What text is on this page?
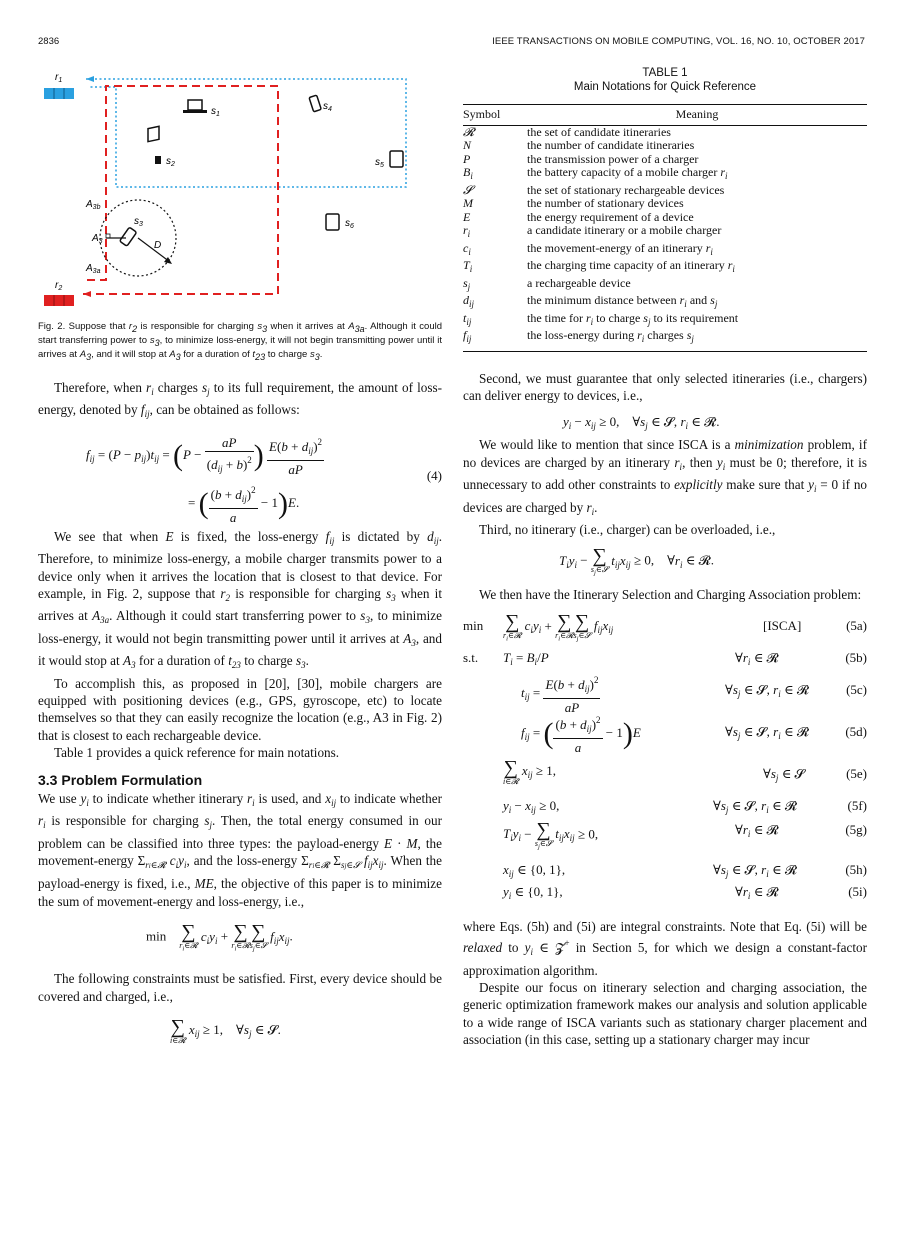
2836	IEEE TRANSACTIONS ON MOBILE COMPUTING, VOL. 16, NO. 10, OCTOBER 2017
$r_1$
$r_2$
$s_1$
$s_4$
$s_2$	$s_5$
$s_6$
$s_3$
D
$A_{3b}$
$A_3$
$A_{3a}$

Fig. 2. Suppose that r2 is responsible for charging s3 when it arrives at A3a. Although it could start transferring power to s3, to minimize loss-energy, it will not begin transmitting power until it arrives at A3, and it will stop at A3 for a duration of t23 to charge s3.

Therefore, when $r_i$ charges $s_j$ to its full requirement, the amount of loss-energy, denoted by $f_{ij}$, can be obtained as follows:

$f_{ij} = (P - p_{ij})t_{ij} = (P - \frac{aP}{(d_{ij} + b)^2}$ ) $\frac{E(b + d_{ij})^2}{aP}$
= ( $\frac{(b + d_{ij})^2}{a} - 1)E$.
(4)

We see that when E is fixed, the loss-energy $f_{ij}$ is dictated by $d_{ij}$. Therefore, to minimize loss-energy, a mobile charger transmits power to a device only when it arrives the location that is closest to that device. For example, in Fig. 2, suppose that $r_2$ is responsible for charging $s_3$ when it arrives at $A_{3a}$. Although it could start transferring power to $s_3$, to minimize loss-energy, it would not begin transmitting power until it arrives at $A_3$, and it would stop at $A_3$ for a duration of $t_{23}$ to charge $s_3$.

To accomplish this, as proposed in [20], [30], mobile chargers are equipped with positioning devices (e.g., GPS, gyroscope, etc) to locate themselves so that they can easily recognize the location (e.g., A3 in Fig. 2) that is closest to each rechargeable device.

Table 1 provides a quick reference for main notations.

3.3 Problem Formulation

We use $y_i$ to indicate whether itinerary $r_i$ is used, and $x_{ij}$ to indicate whether $r_i$ is responsible for charging $s_j$. Then, the total energy consumed in our problem can be classified into three types: the payload-energy E · M, the movement-energy $\Sigma_{ri\in 𝓡}$ $c_iy_i$, and the loss-energy $\Sigma_{ri\in 𝓡}$ $\Sigma_{sj\in 𝓢}$ $f_{ij}x_{ij}$. When the payload-energy is fixed, i.e., ME, the objective of this paper is to minimize the sum of movement-energy and loss-energy, i.e.,

min ∑
$r_i\in 𝓡$
$c_iy_i$ + ∑
$r_i\in 𝓡$
∑
$s_j\in 𝓢$
$f_{ij}x_{ij}$.

The following constraints must be satisfied. First, every device should be covered and charged, i.e.,

∑
i∈𝓡
$x_{ij} \ge 1$,    $\forall s_j$ ∈ 𝓢.
TABLE 1
Main Notations for Quick Reference
Symbol	Meaning
𝓡	the set of candidate itineraries
N	the number of candidate itineraries
P	the transmission power of a charger
$B_i$	the battery capacity of a mobile charger $r_i$
𝓢	the set of stationary rechargeable devices
M	the number of stationary devices
E	the energy requirement of a device
$r_i$	a candidate itinerary or a mobile charger
$c_i$	the movement-energy of an itinerary $r_i$
$T_i$	the charging time capacity of an itinerary $r_i$
$s_j$	a rechargeable device
$d_{ij}$	the minimum distance between $r_i$ and $s_j$
$t_{ij}$	the time for $r_i$ to charge $s_j$ to its requirement
$f_{ij}$	the loss-energy during $r_i$ charges $s_j$

Second, we must guarantee that only selected itineraries (i.e., chargers) can deliver energy to devices, i.e.,

$y_i - x_{ij} \ge 0$,    $\forall s_j$ ∈ 𝓢, $r_i$ ∈ 𝓡.

We would like to mention that since ISCA is a minimization problem, if no devices are charged by an itinerary $r_i$, then $y_i$ must be 0; therefore, it is unnecessary to add other constraints to explicitly make sure that $y_i = 0$ if no devices are charged by $r_i$.

Third, no itinerary (i.e., charger) can be overloaded, i.e.,

$T_iy_i$ − ∑
$s_j\in 𝓢$
$t_{ij}x_{ij} \ge 0$,    $\forall r_i$ ∈ 𝓡.

We then have the Itinerary Selection and Charging Association problem:

min ∑
$r_i\in 𝓡$
$c_iy_i$ + ∑
$r_i\in 𝓡$
∑
$s_j\in 𝓢$
$f_{ij}x_{ij}$	[ISCA]	(5a)
s.t. $T_i = B_i/P$	$\forall r_i$ ∈ 𝓡	(5b)
$t_{ij} = \frac{E(b + d_{ij})^2}{aP}$	$\forall s_j$ ∈ 𝓢, $r_i$ ∈ 𝓡	(5c)
$f_{ij}$ = ( $\frac{(b + d_{ij})^2}{a} - 1)E$	$\forall s_j$ ∈ 𝓢, $r_i$ ∈ 𝓡	(5d)
∑
i∈𝓡
$x_{ij} \ge 1$,	$\forall s_j$ ∈ 𝓢	(5e)
$y_i - x_{ij} \ge 0$,	$\forall s_j$ ∈ 𝓢, $r_i$ ∈ 𝓡	(5f)
$T_iy_i$ − ∑
$s_j\in 𝓢$
$t_{ij}x_{ij} \ge 0$,	$\forall r_i$ ∈ 𝓡	(5g)
$x_{ij}$ ∈ {0, 1},	$\forall s_j$ ∈ 𝓢, $r_i$ ∈ 𝓡	(5h)
$y_i$ ∈ {0, 1},	$\forall r_i$ ∈ 𝓡	(5i)

where Eqs. (5h) and (5i) are integral constraints. Note that Eq. (5i) will be relaxed to $y_i$ ∈ 𝓩+ in Section 5, for which we design a constant-factor approximation algorithm.

Despite our focus on itinerary selection and charging association, the generic optimization framework makes our analysis and solution applicable to a wide range of ISCA variants such as stationary charger placement and association (in this case, setting up a stationary charger may incur
